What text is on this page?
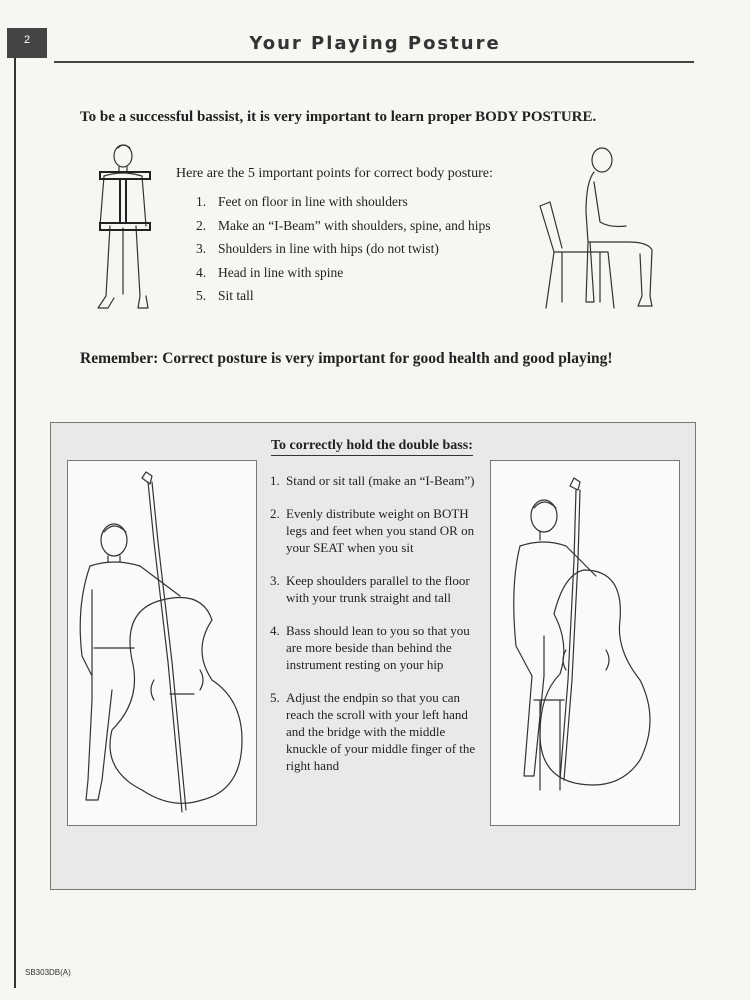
2	Your Playing Posture
To be a successful bassist, it is very important to learn proper BODY POSTURE.
Here are the 5 important points for correct body posture:
1. Feet on floor in line with shoulders
2. Make an “I-Beam” with shoulders, spine, and hips
3. Shoulders in line with hips (do not twist)
4. Head in line with spine
5. Sit tall
Remember: Correct posture is very important for good health and good playing!
To correctly hold the double bass:
1. Stand or sit tall (make an “I-Beam”)
2. Evenly distribute weight on BOTH legs and feet when you stand OR on your SEAT when you sit
3. Keep shoulders parallel to the floor with your trunk straight and tall
4. Bass should lean to you so that you are more beside than behind the instrument resting on your hip
5. Adjust the endpin so that you can reach the scroll with your left hand and the bridge with the middle knuckle of your middle finger of the right hand
SB303DB(A)
